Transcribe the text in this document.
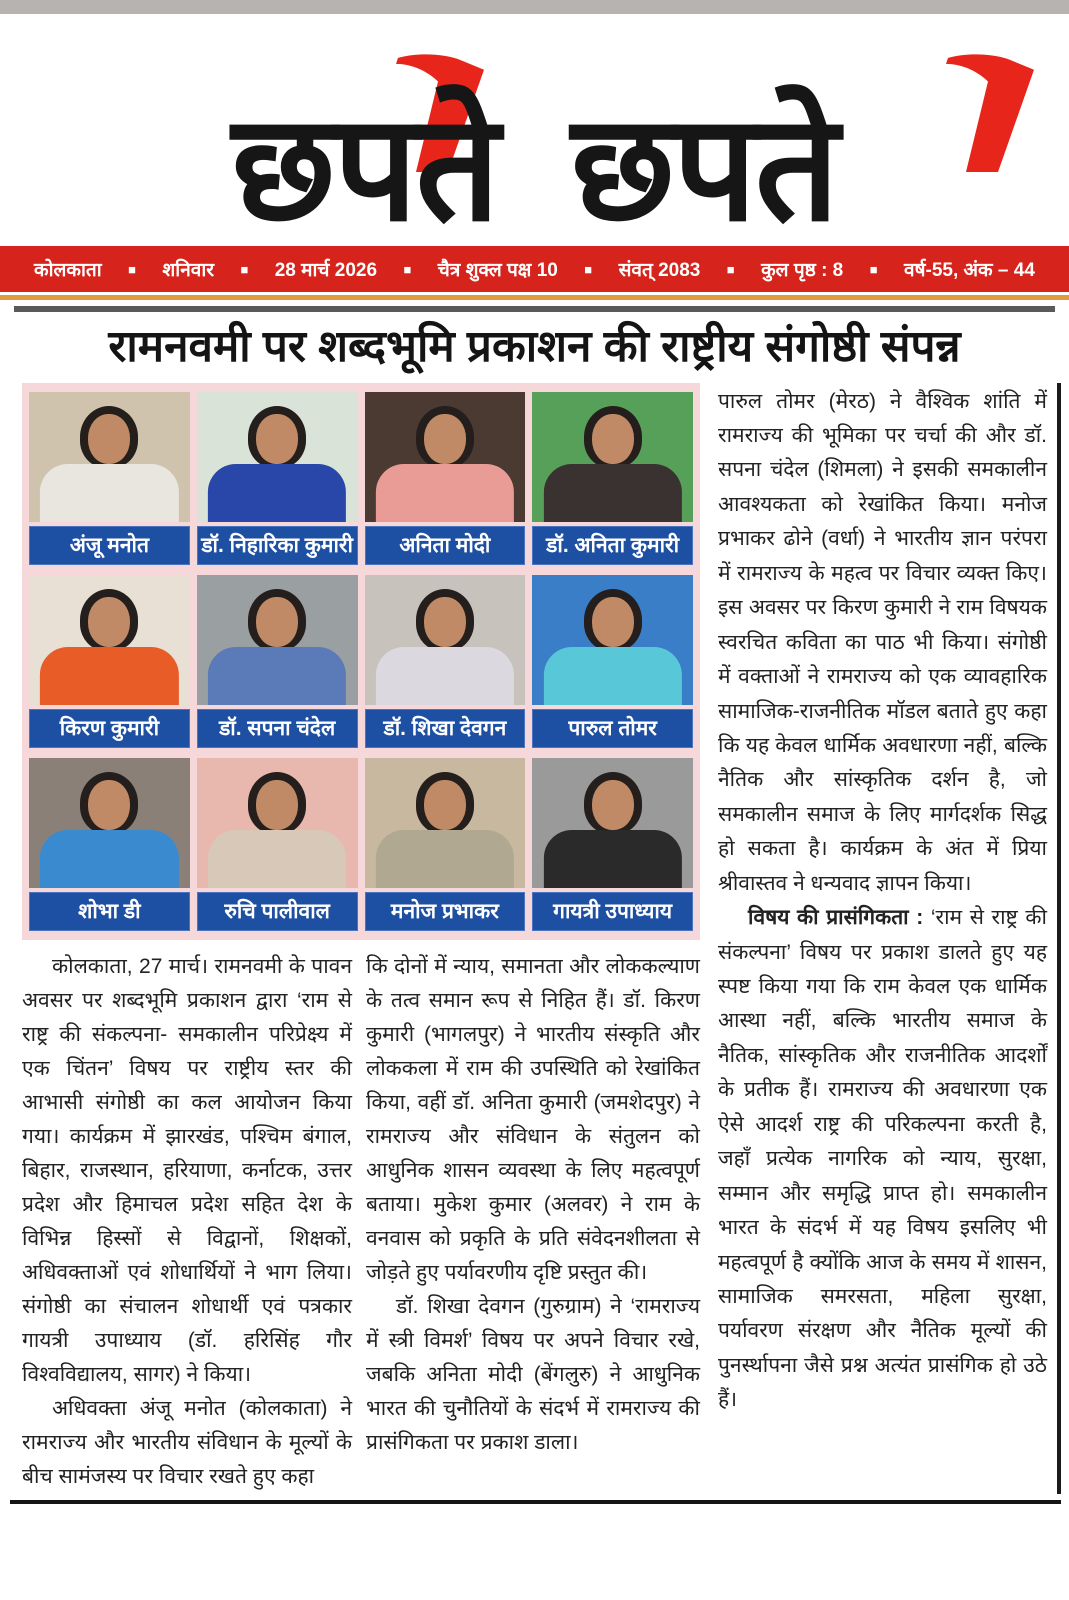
छपते छपते
कोलकाता ■ शनिवार ■ 28 मार्च 2026 ■ चैत्र शुक्ल पक्ष 10 ■ संवत् 2083 ■ कुल पृष्ठ : 8 ■ वर्ष-55, अंक – 44
रामनवमी पर शब्दभूमि प्रकाशन की राष्ट्रीय संगोष्ठी संपन्न
अंजू मनोत	डॉ. निहारिका कुमारी	अनिता मोदी	डॉ. अनिता कुमारी
किरण कुमारी	डॉ. सपना चंदेल	डॉ. शिखा देवगन	पारुल तोमर
शोभा डी	रुचि पालीवाल	मनोज प्रभाकर	गायत्री उपाध्याय

कोलकाता, 27 मार्च। रामनवमी के पावन अवसर पर शब्दभूमि प्रकाशन द्वारा ‘राम से राष्ट्र की संकल्पना- समकालीन परिप्रेक्ष्य में एक चिंतन’ विषय पर राष्ट्रीय स्तर की आभासी संगोष्ठी का कल आयोजन किया गया। कार्यक्रम में झारखंड, पश्चिम बंगाल, बिहार, राजस्थान, हरियाणा, कर्नाटक, उत्तर प्रदेश और हिमाचल प्रदेश सहित देश के विभिन्न हिस्सों से विद्वानों, शिक्षकों, अधिवक्ताओं एवं शोधार्थियों ने भाग लिया। संगोष्ठी का संचालन शोधार्थी एवं पत्रकार गायत्री उपाध्याय (डॉ. हरिसिंह गौर विश्वविद्यालय, सागर) ने किया।

अधिवक्ता अंजू मनोत (कोलकाता) ने रामराज्य और भारतीय संविधान के मूल्यों के बीच सामंजस्य पर विचार रखते हुए कहा

कि दोनों में न्याय, समानता और लोककल्याण के तत्व समान रूप से निहित हैं। डॉ. किरण कुमारी (भागलपुर) ने भारतीय संस्कृति और लोककला में राम की उपस्थिति को रेखांकित किया, वहीं डॉ. अनिता कुमारी (जमशेदपुर) ने रामराज्य और संविधान के संतुलन को आधुनिक शासन व्यवस्था के लिए महत्वपूर्ण बताया। मुकेश कुमार (अलवर) ने राम के वनवास को प्रकृति के प्रति संवेदनशीलता से जोड़ते हुए पर्यावरणीय दृष्टि प्रस्तुत की।

डॉ. शिखा देवगन (गुरुग्राम) ने ‘रामराज्य में स्त्री विमर्श’ विषय पर अपने विचार रखे, जबकि अनिता मोदी (बेंगलुरु) ने आधुनिक भारत की चुनौतियों के संदर्भ में रामराज्य की प्रासंगिकता पर प्रकाश डाला।

पारुल तोमर (मेरठ) ने वैश्विक शांति में रामराज्य की भूमिका पर चर्चा की और डॉ. सपना चंदेल (शिमला) ने इसकी समकालीन आवश्यकता को रेखांकित किया। मनोज प्रभाकर ढोने (वर्धा) ने भारतीय ज्ञान परंपरा में रामराज्य के महत्व पर विचार व्यक्त किए। इस अवसर पर किरण कुमारी ने राम विषयक स्वरचित कविता का पाठ भी किया। संगोष्ठी में वक्ताओं ने रामराज्य को एक व्यावहारिक सामाजिक-राजनीतिक मॉडल बताते हुए कहा कि यह केवल धार्मिक अवधारणा नहीं, बल्कि नैतिक और सांस्कृतिक दर्शन है, जो समकालीन समाज के लिए मार्गदर्शक सिद्ध हो सकता है। कार्यक्रम के अंत में प्रिया श्रीवास्तव ने धन्यवाद ज्ञापन किया।

विषय की प्रासंगिकता : ‘राम से राष्ट्र की संकल्पना’ विषय पर प्रकाश डालते हुए यह स्पष्ट किया गया कि राम केवल एक धार्मिक आस्था नहीं, बल्कि भारतीय समाज के नैतिक, सांस्कृतिक और राजनीतिक आदर्शों के प्रतीक हैं। रामराज्य की अवधारणा एक ऐसे आदर्श राष्ट्र की परिकल्पना करती है, जहाँ प्रत्येक नागरिक को न्याय, सुरक्षा, सम्मान और समृद्धि प्राप्त हो। समकालीन भारत के संदर्भ में यह विषय इसलिए भी महत्वपूर्ण है क्योंकि आज के समय में शासन, सामाजिक समरसता, महिला सुरक्षा, पर्यावरण संरक्षण और नैतिक मूल्यों की पुनर्स्थापना जैसे प्रश्न अत्यंत प्रासंगिक हो उठे हैं।
